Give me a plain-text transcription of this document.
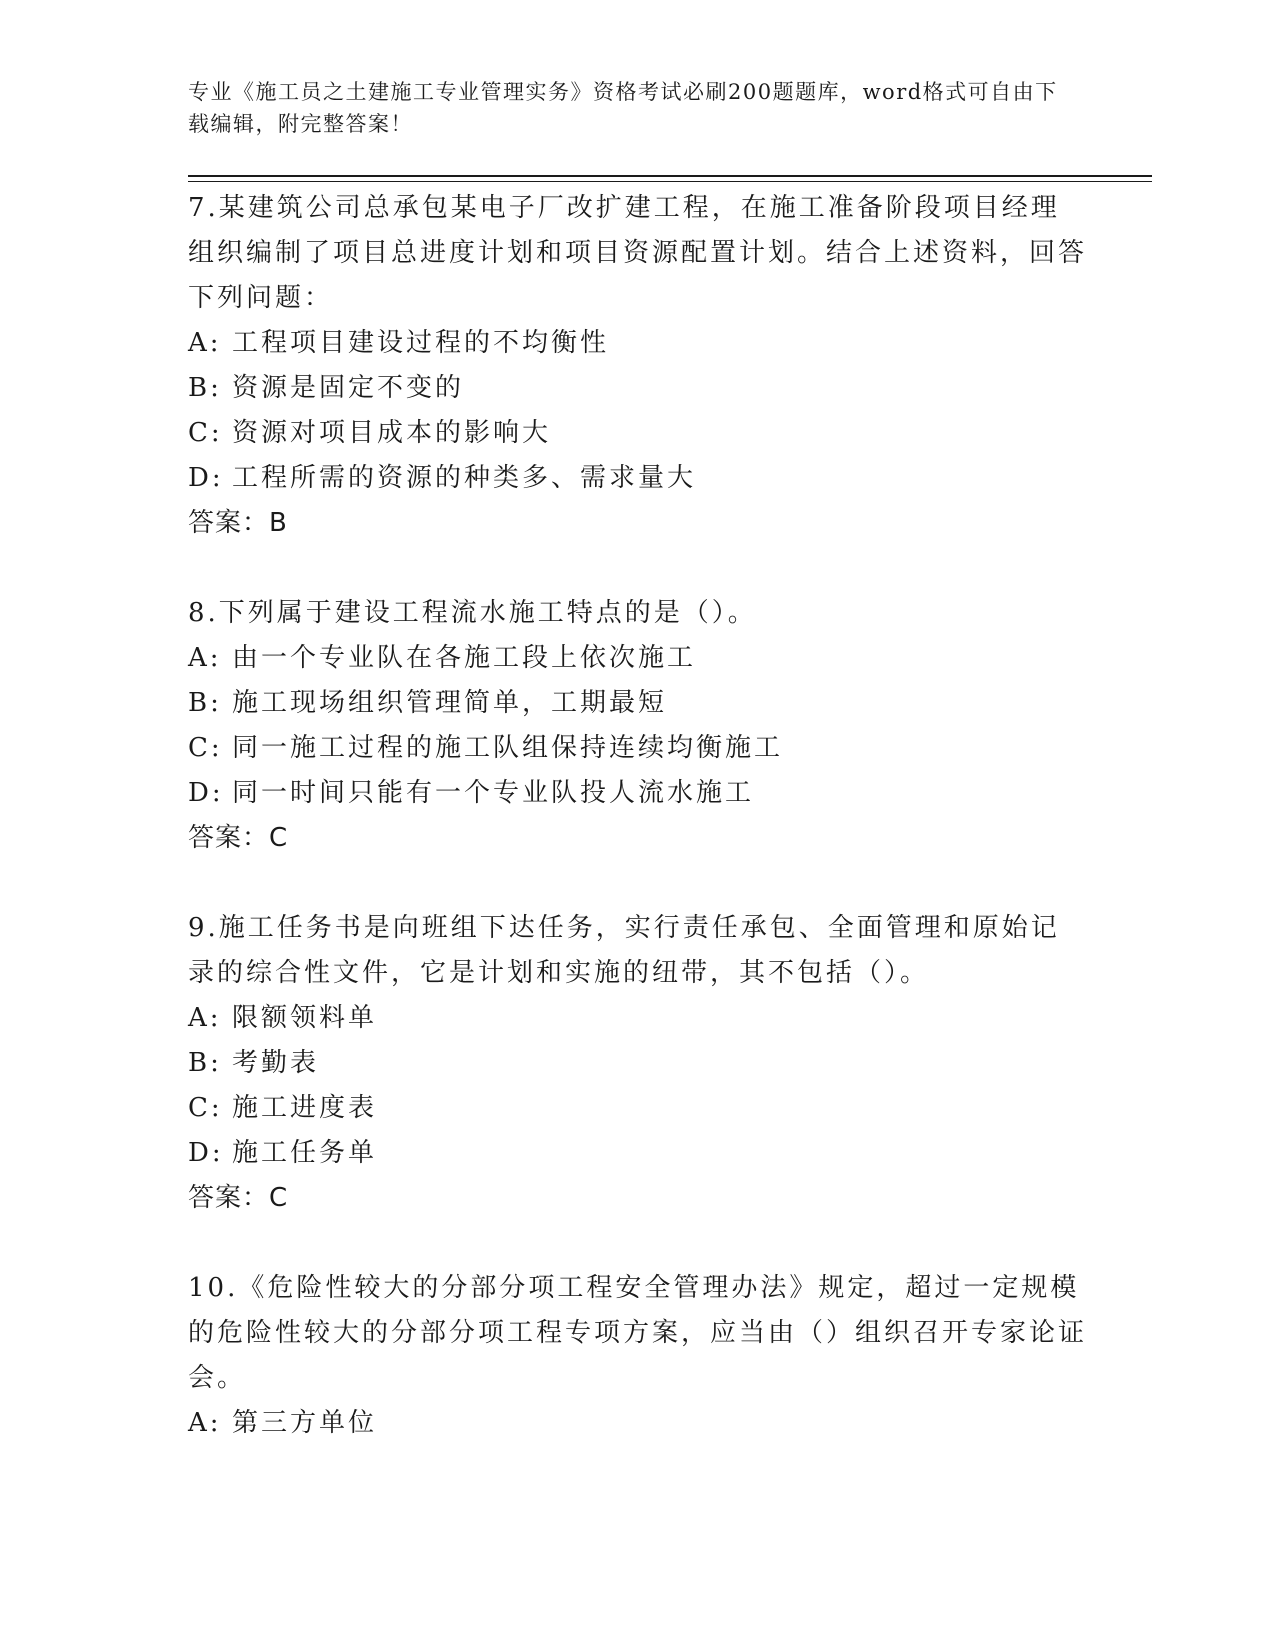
专业《施工员之土建施工专业管理实务》资格考试必刷200题题库，word格式可自由下载编辑，附完整答案！
7.某建筑公司总承包某电子厂改扩建工程，在施工准备阶段项目经理组织编制了项目总进度计划和项目资源配置计划。结合上述资料，回答下列问题：
A: 工程项目建设过程的不均衡性
B: 资源是固定不变的
C: 资源对项目成本的影响大
D: 工程所需的资源的种类多、需求量大
答案：B
8.下列属于建设工程流水施工特点的是（）。
A: 由一个专业队在各施工段上依次施工
B: 施工现场组织管理简单，工期最短
C: 同一施工过程的施工队组保持连续均衡施工
D: 同一时间只能有一个专业队投人流水施工
答案：C
9.施工任务书是向班组下达任务，实行责任承包、全面管理和原始记录的综合性文件，它是计划和实施的纽带，其不包括（）。
A: 限额领料单
B: 考勤表
C: 施工进度表
D: 施工任务单
答案：C
10.《危险性较大的分部分项工程安全管理办法》规定，超过一定规模的危险性较大的分部分项工程专项方案，应当由（）组织召开专家论证会。
A: 第三方单位
